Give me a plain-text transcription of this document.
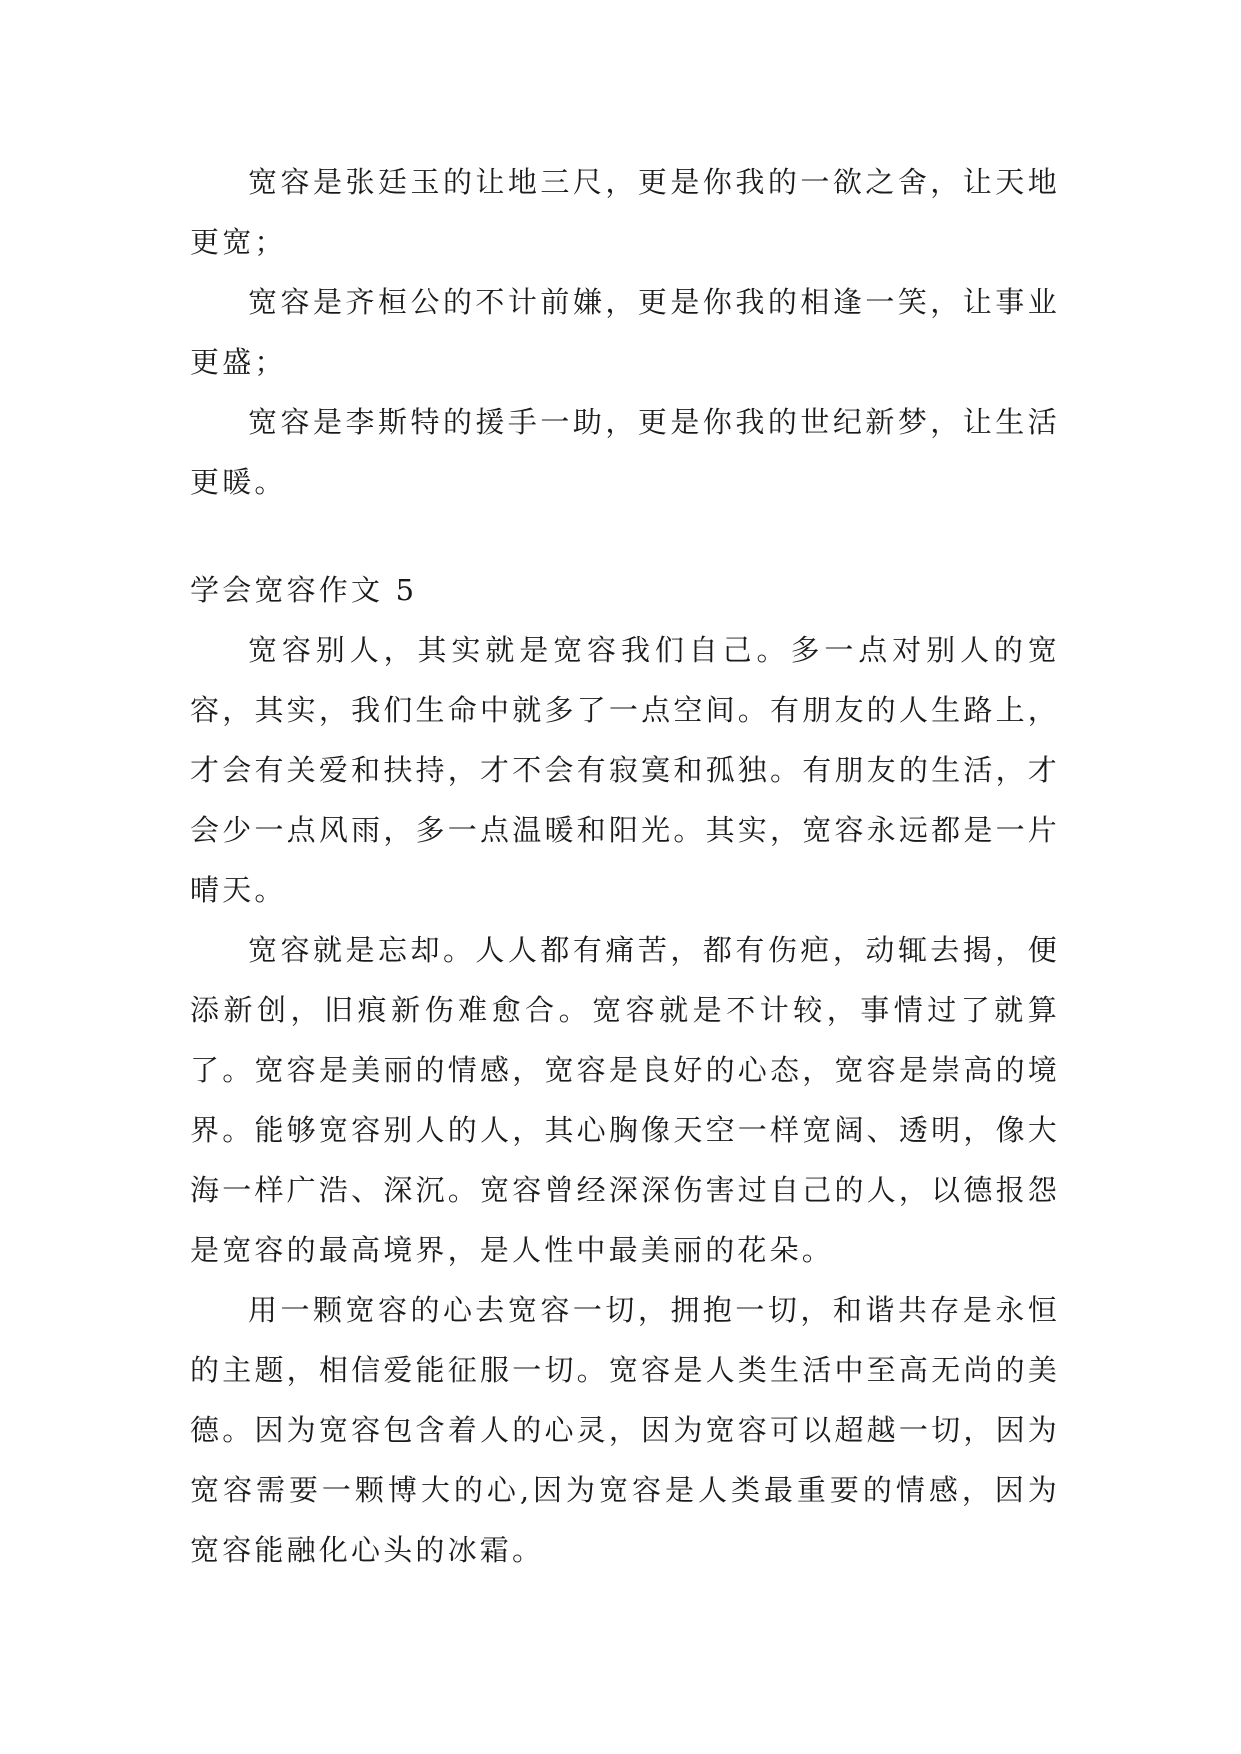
宽容是张廷玉的让地三尺，更是你我的一欲之舍，让天地更宽；

宽容是齐桓公的不计前嫌，更是你我的相逢一笑，让事业更盛；

宽容是李斯特的援手一助，更是你我的世纪新梦，让生活更暖。

学会宽容作文 5

宽容别人，其实就是宽容我们自己。多一点对别人的宽容，其实，我们生命中就多了一点空间。有朋友的人生路上，才会有关爱和扶持，才不会有寂寞和孤独。有朋友的生活，才会少一点风雨，多一点温暖和阳光。其实，宽容永远都是一片晴天。

宽容就是忘却。人人都有痛苦，都有伤疤，动辄去揭，便添新创，旧痕新伤难愈合。宽容就是不计较，事情过了就算了。宽容是美丽的情感，宽容是良好的心态，宽容是崇高的境界。能够宽容别人的人，其心胸像天空一样宽阔、透明，像大海一样广浩、深沉。宽容曾经深深伤害过自己的人，以德报怨是宽容的最高境界，是人性中最美丽的花朵。

用一颗宽容的心去宽容一切，拥抱一切，和谐共存是永恒的主题，相信爱能征服一切。宽容是人类生活中至高无尚的美德。因为宽容包含着人的心灵，因为宽容可以超越一切，因为宽容需要一颗博大的心,因为宽容是人类最重要的情感，因为宽容能融化心头的冰霜。
